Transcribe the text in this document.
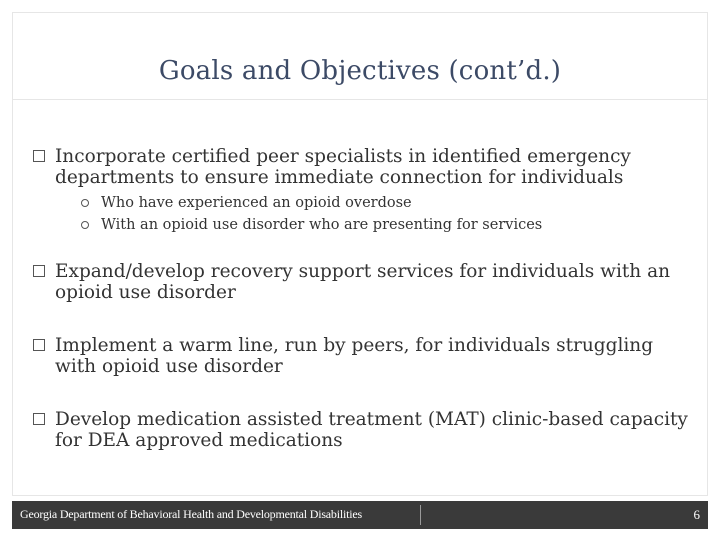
Goals and Objectives (cont’d.)
Incorporate certified peer specialists in identified emergency departments to ensure immediate connection for individuals
Who have experienced an opioid overdose
With an opioid use disorder who are presenting for services
Expand/develop recovery support services for individuals with an opioid use disorder
Implement a warm line, run by peers, for individuals struggling with opioid use disorder
Develop medication assisted treatment (MAT) clinic-based capacity for DEA approved medications
Georgia Department of Behavioral Health and Developmental Disabilities	6
